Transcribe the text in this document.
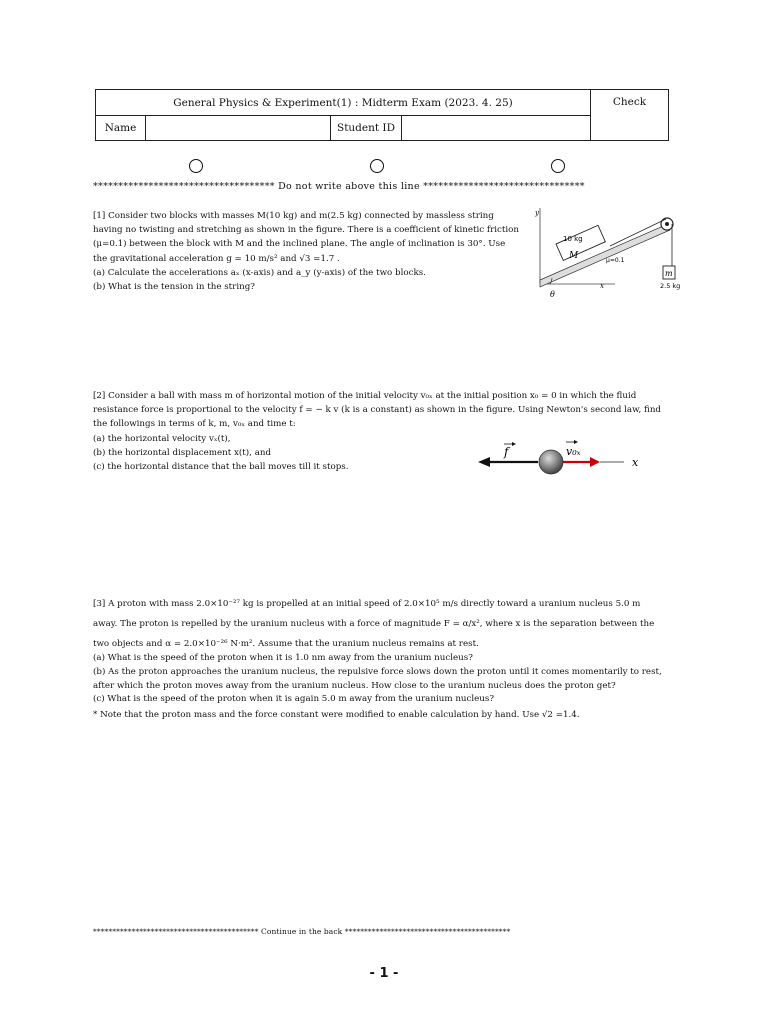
General Physics & Experiment(1) : Midterm Exam (2023. 4. 25)				Check
Name		Student ID		
************************************ Do not write above this line ********************************

[1] Consider two blocks with masses M(10 kg) and m(2.5 kg) connected by massless string

having no twisting and stretching as shown in the figure. There is a coefficient of kinetic friction

(μ=0.1) between the block with M and the inclined plane. The angle of inclination is 30°. Use

the gravitational acceleration g = 10 m/s² and √3 =1.7 .

(a) Calculate the accelerations aₓ (x-axis) and a_y (y-axis) of the two blocks.

(b) What is the tension in the string?

10 kg
M	μ=0.1
m
2.5 kg
θ
x
y

[2] Consider a ball with mass m of horizontal motion of the initial velocity v₀ₓ at the initial position x₀ = 0 in which the fluid

resistance force is proportional to the velocity f = − k v (k is a constant) as shown in the figure. Using Newton's second law, find

the followings in terms of k, m, v₀ₓ and time t:

(a) the horizontal velocity vₓ(t),

(b) the horizontal displacement x(t), and

(c) the horizontal distance that the ball moves till it stops.

f	v₀ₓ
x

[3] A proton with mass 2.0×10⁻²⁷ kg is propelled at an initial speed of 2.0×10⁵ m/s directly toward a uranium nucleus 5.0 m

away. The proton is repelled by the uranium nucleus with a force of magnitude F = α/x², where x is the separation between the

two objects and α = 2.0×10⁻²⁶ N·m². Assume that the uranium nucleus remains at rest.

(a) What is the speed of the proton when it is 1.0 nm away from the uranium nucleus?

(b) As the proton approaches the uranium nucleus, the repulsive force slows down the proton until it comes momentarily to rest,

after which the proton moves away from the uranium nucleus. How close to the uranium nucleus does the proton get?

(c) What is the speed of the proton when it is again 5.0 m away from the uranium nucleus?

* Note that the proton mass and the force constant were modified to enable calculation by hand. Use √2 =1.4.

******************************************* Continue in the back *******************************************
- 1 -
